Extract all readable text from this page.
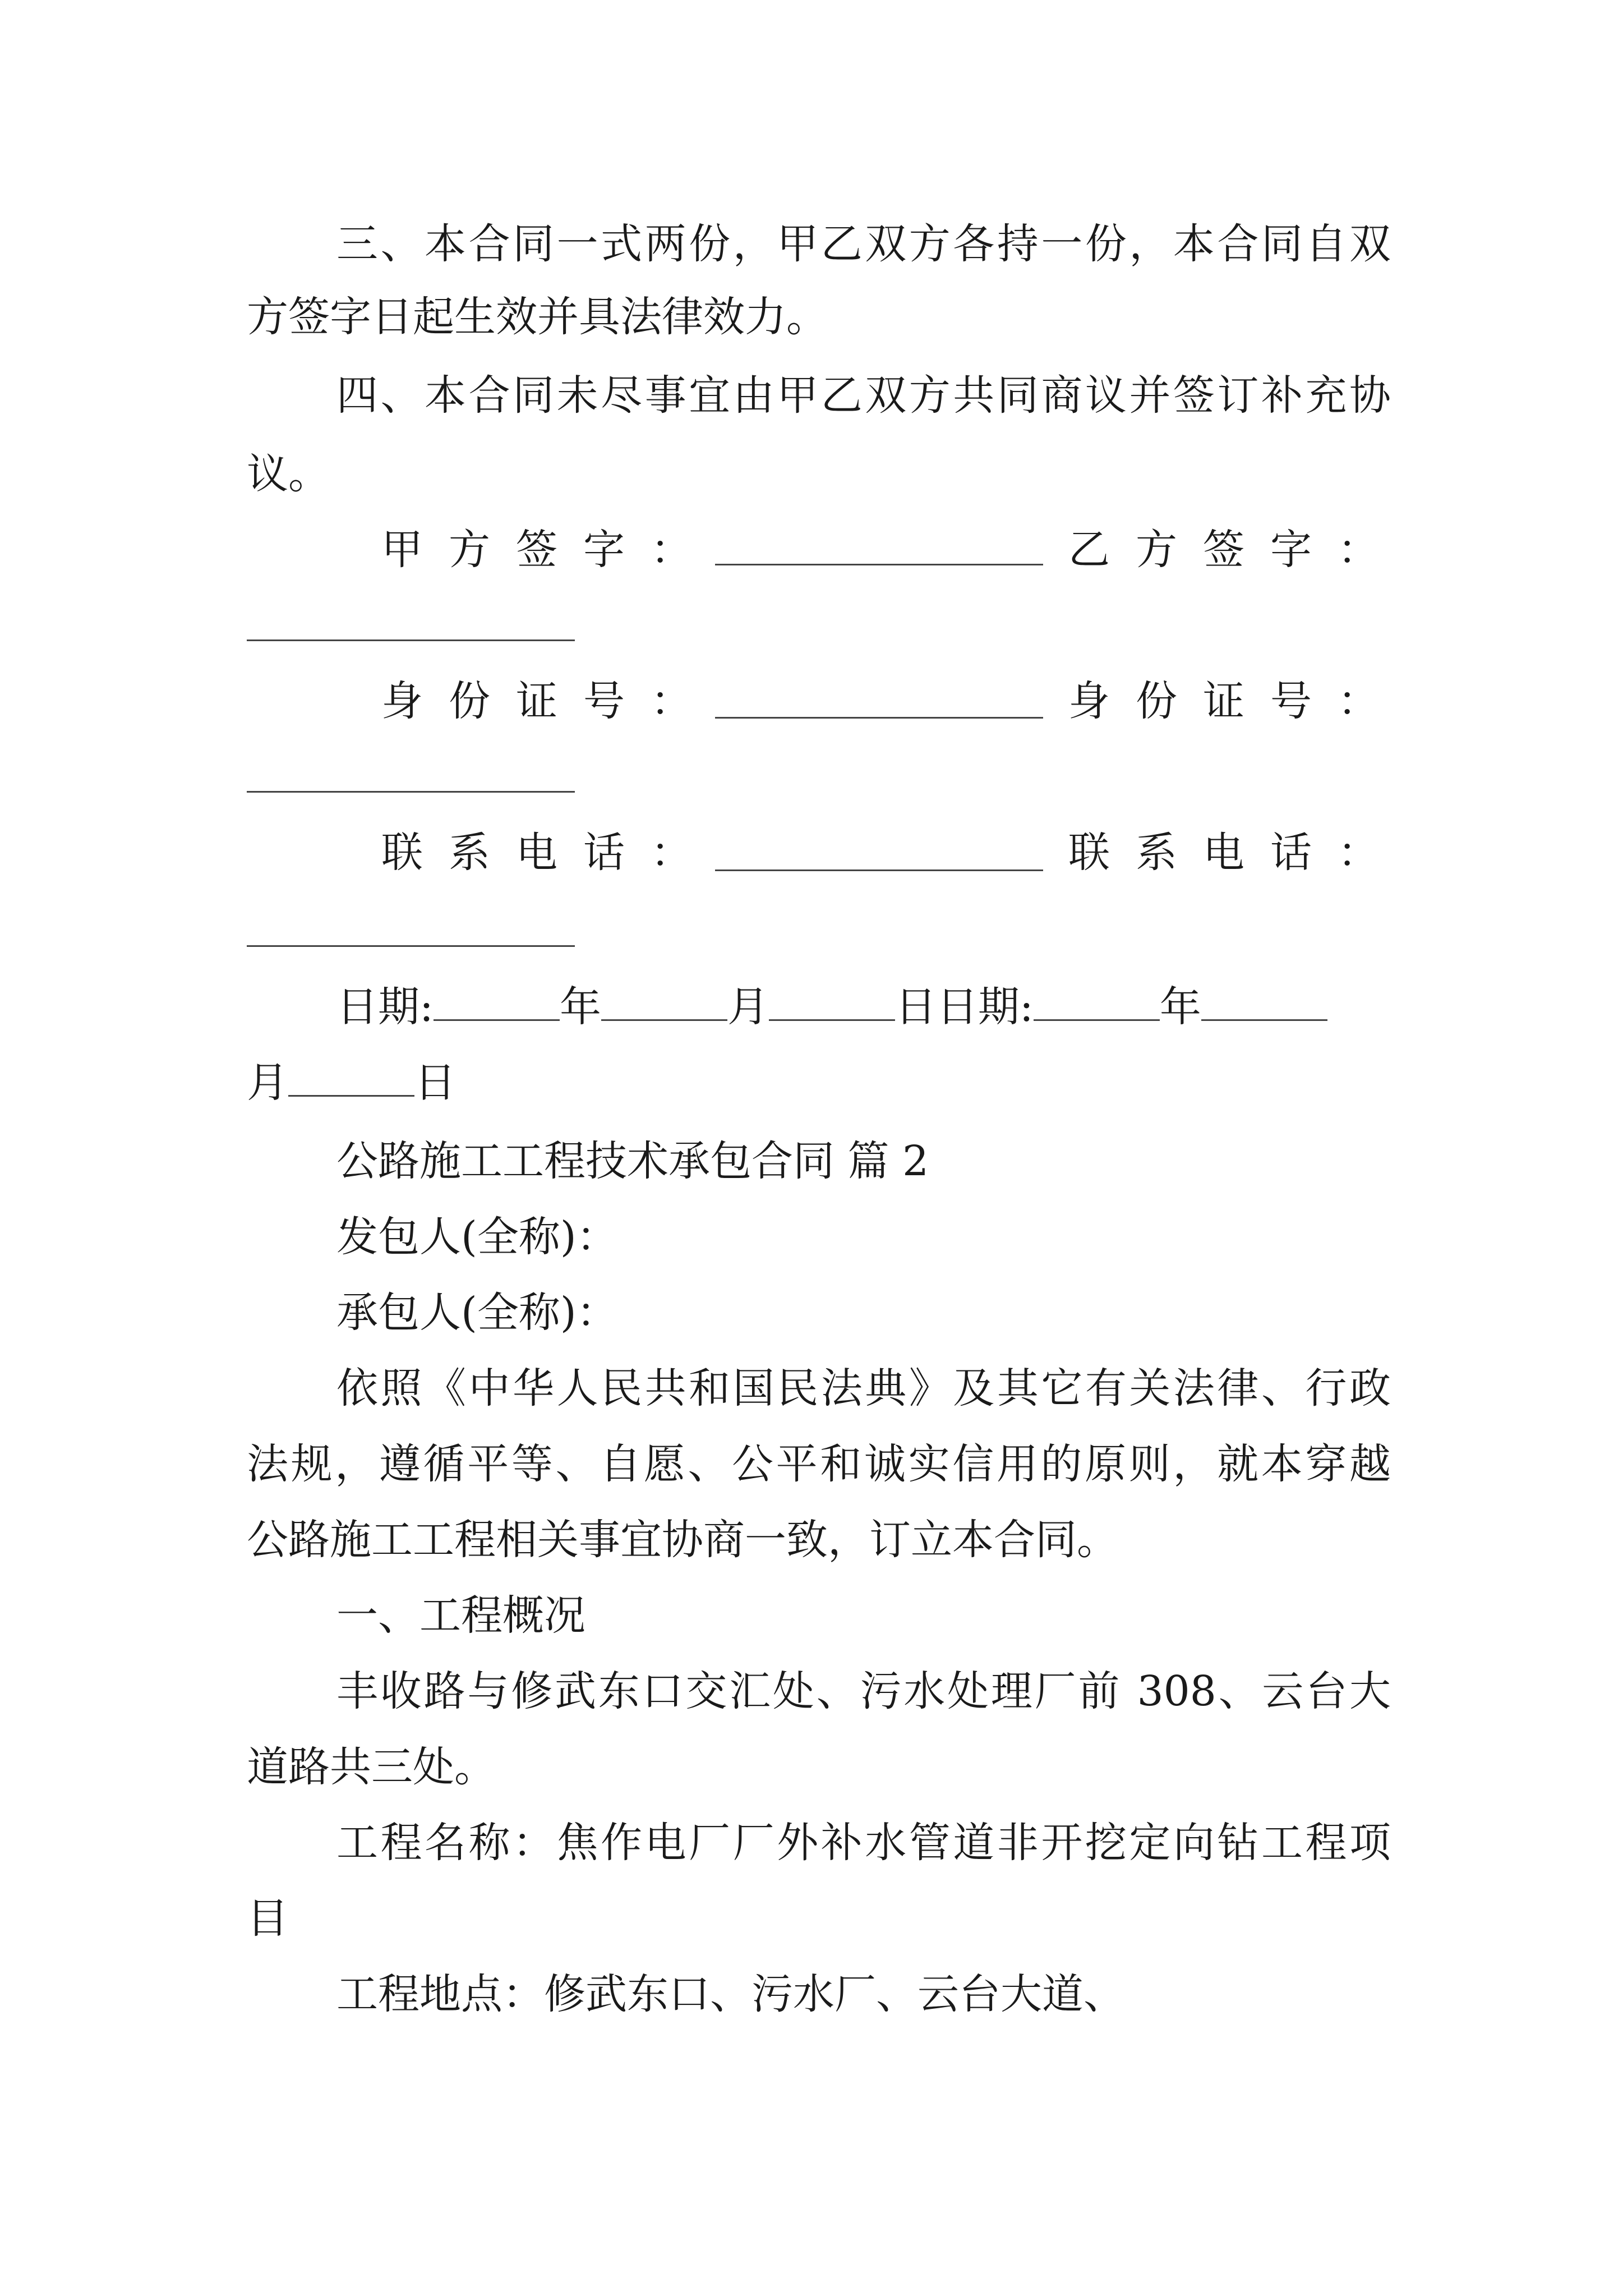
三、本合同一式两份，甲乙双方各持一份，本合同自双
方签字日起生效并具法律效力。
四、本合同未尽事宜由甲乙双方共同商议并签订补充协
议。
甲方签字：	乙方签字：
身份证号：	身份证号：
联系电话：	联系电话：
日期:	年	月	日日期:	年
月	日
公路施工工程技术承包合同 篇 2
发包人(全称)：
承包人(全称)：
依照《中华人民共和国民法典》及其它有关法律、行政
法规，遵循平等、自愿、公平和诚实信用的原则，就本穿越
公路施工工程相关事宜协商一致，订立本合同。
一、工程概况
丰收路与修武东口交汇处、污水处理厂前 308、云台大
道路共三处。
工程名称：焦作电厂厂外补水管道非开挖定向钻工程项
目
工程地点：修武东口、污水厂、云台大道、
